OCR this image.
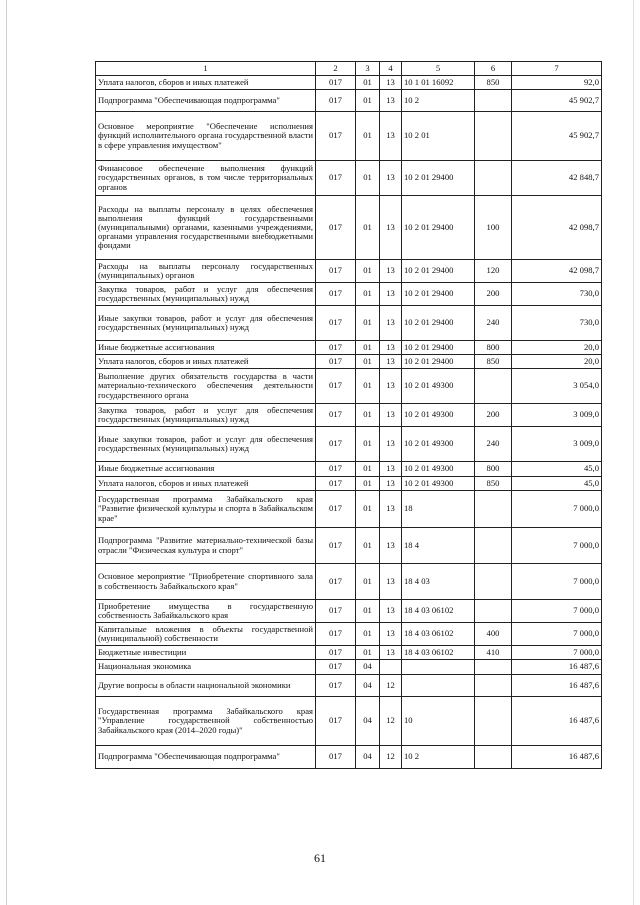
1	2	3	4	5	6	7
Уплата налогов, сборов и иных платежей	017	01	13	10 1 01 16092	850	92,0
Подпрограмма "Обеспечивающая подпрограмма"	017	01	13	10 2		45 902,7
Основное мероприятие "Обеспечение исполнения функций исполнительного органа государственной власти в сфере управления имуществом"	017	01	13	10 2 01		45 902,7
Финансовое обеспечение выполнения функций государственных органов, в том числе территориальных органов	017	01	13	10 2 01 29400		42 848,7
Расходы на выплаты персоналу в целях обеспечения выполнения функций государственными (муниципальными) органами, казенными учреждениями, органами управления государственными внебюджетными фондами	017	01	13	10 2 01 29400	100	42 098,7
Расходы на выплаты персоналу государственных (муниципальных) органов	017	01	13	10 2 01 29400	120	42 098,7
Закупка товаров, работ и услуг для обеспечения государственных (муниципальных) нужд	017	01	13	10 2 01 29400	200	730,0
Иные закупки товаров, работ и услуг для обеспечения государственных (муниципальных) нужд	017	01	13	10 2 01 29400	240	730,0
Иные бюджетные ассигнования	017	01	13	10 2 01 29400	800	20,0
Уплата налогов, сборов и иных платежей	017	01	13	10 2 01 29400	850	20,0
Выполнение других обязательств государства в части материально-технического обеспечения деятельности государственного органа	017	01	13	10 2 01 49300		3 054,0
Закупка товаров, работ и услуг для обеспечения государственных (муниципальных) нужд	017	01	13	10 2 01 49300	200	3 009,0
Иные закупки товаров, работ и услуг для обеспечения государственных (муниципальных) нужд	017	01	13	10 2 01 49300	240	3 009,0
Иные бюджетные ассигнования	017	01	13	10 2 01 49300	800	45,0
Уплата налогов, сборов и иных платежей	017	01	13	10 2 01 49300	850	45,0
Государственная программа Забайкальского края "Развитие физической культуры и спорта в Забайкальском крае"	017	01	13	18		7 000,0
Подпрограмма "Развитие материально-технической базы отрасли "Физическая культура и спорт"	017	01	13	18 4		7 000,0
Основное мероприятие "Приобретение спортивного зала в собственность Забайкальского края"	017	01	13	18 4 03		7 000,0
Приобретение имущества в государственную собственность Забайкальского края	017	01	13	18 4 03 06102		7 000,0
Капитальные вложения в объекты государственной (муниципальной) собственности	017	01	13	18 4 03 06102	400	7 000,0
Бюджетные инвестиции	017	01	13	18 4 03 06102	410	7 000,0
Национальная экономика	017	04				16 487,6
Другие вопросы в области национальной экономики	017	04	12			16 487,6
Государственная программа Забайкальского края "Управление государственной собственностью Забайкальского края (2014–2020 годы)"	017	04	12	10		16 487,6
Подпрограмма "Обеспечивающая подпрограмма"	017	04	12	10 2		16 487,6
61
